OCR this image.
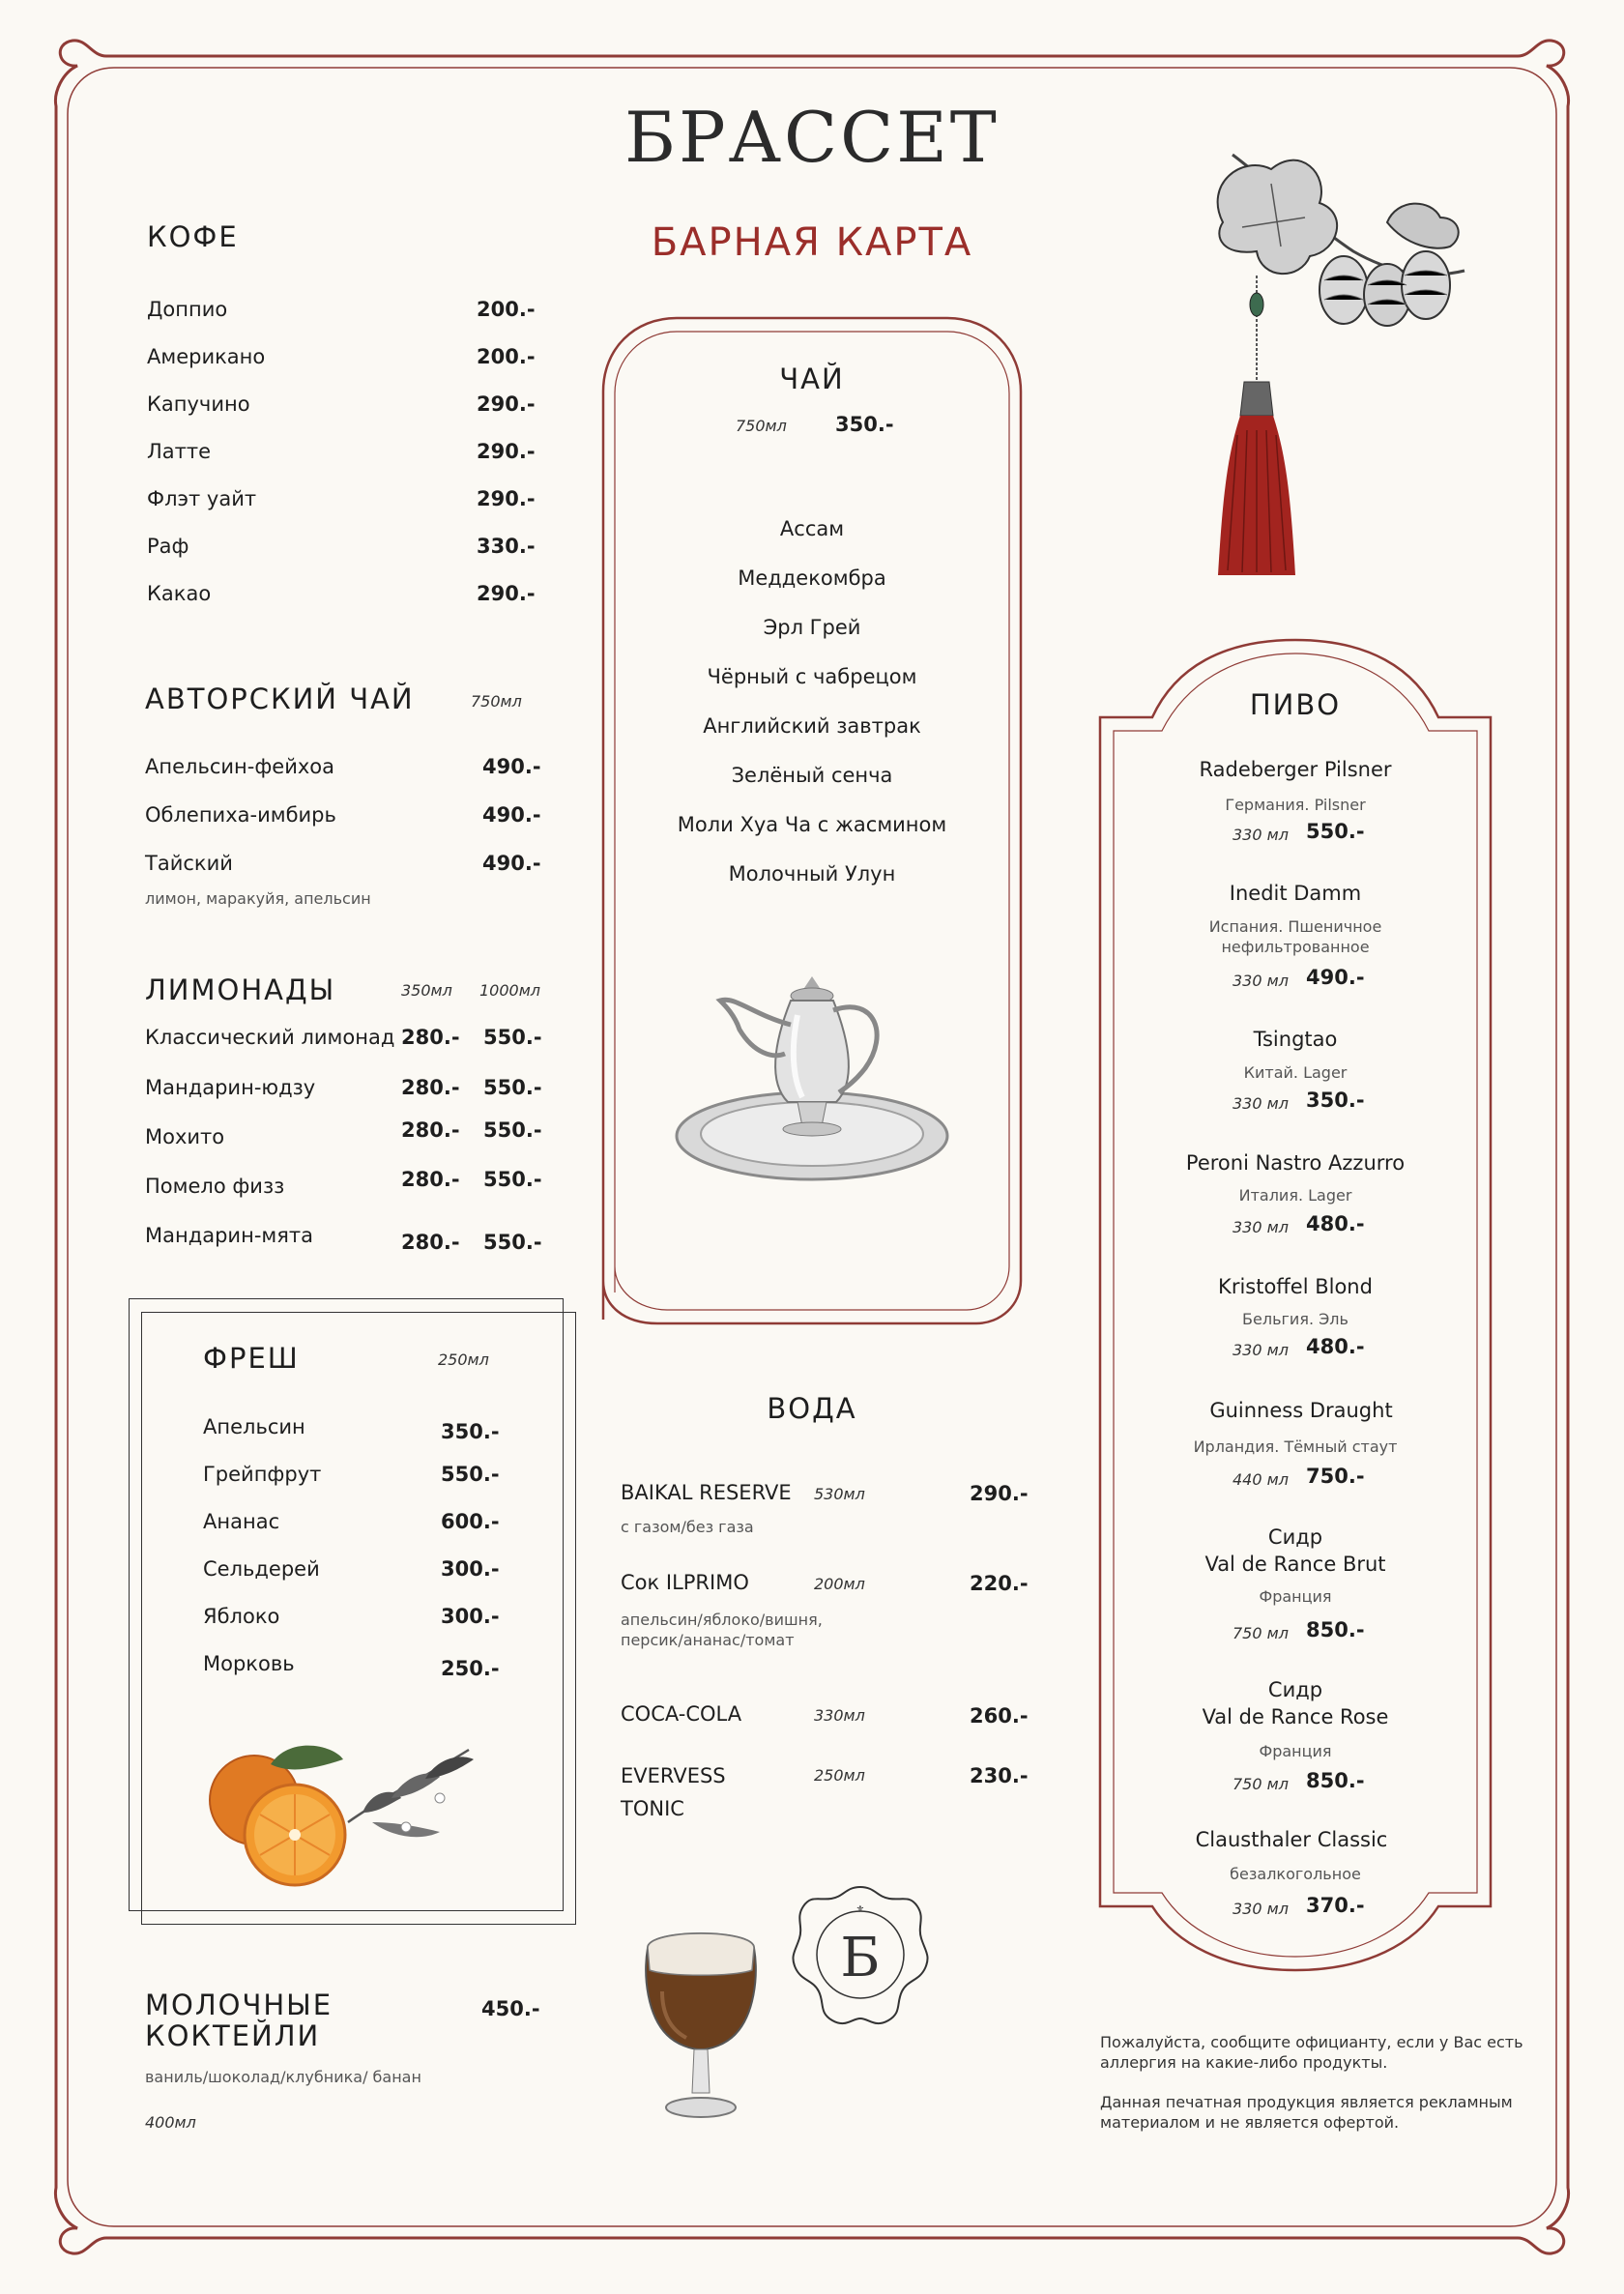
БРАССЕТ
БАРНАЯ КАРТА
КОФЕ
Доппио	200.-
Американо	200.-
Капучино	290.-
Латте	290.-
Флэт уайт	290.-
Раф	330.-
Какао	290.-
АВТОРСКИЙ ЧАЙ	750мл
Апельсин-фейхоа	490.-
Облепиха-имбирь	490.-
Тайский	490.-
лимон, маракуйя, апельсин
ЛИМОНАДЫ	350мл 1000мл
Классический лимонад 280.- 550.-
Мандарин-юдзу	280.- 550.-
Мохито	280.- 550.-
Помело физз	280.- 550.-
Мандарин-мята	280.- 550.-
ФРЕШ	250мл
Апельсин	350.-
Грейпфрут	550.-
Ананас	600.-
Сельдерей	300.-
Яблоко	300.-
Морковь	250.-
МОЛОЧНЫЕ
КОКТЕЙЛИ
450.-
ваниль/шоколад/клубника/ банан
400мл
ЧАЙ
750мл 350.-
Ассам
Меддекомбра
Эрл Грей
Чёрный с чабрецом
Английский завтрак
Зелёный сенча
Моли Хуа Ча с жасмином
Молочный Улун
ВОДА
BAIKAL RESERVE 530мл	290.-
с газом/без газа
Сок ILPRIMO	200мл	220.-
апельсин/яблоко/вишня,
персик/ананас/томат
COCA-COLA	330мл	260.-
EVERVESS
TONIC
250мл	230.-
Б
⚜
ПИВО
Radeberger Pilsner
Германия. Pilsner
330 мл 550.-
Inedit Damm
Испания. Пшеничное
нефильтрованное
330 мл 490.-
Tsingtao
Китай. Lager
330 мл 350.-
Peroni Nastro Azzurro
Италия. Lager
330 мл 480.-
Kristoffel Blond
Бельгия. Эль
330 мл 480.-
Guinness Draught
Ирландия. Тёмный стаут
440 мл 750.-
Сидр
Val de Rance Brut
Франция
750 мл 850.-
Сидр
Val de Rance Rose
Франция
750 мл 850.-
Clausthaler Classic
безалкогольное
330 мл 370.-
Пожалуйста, сообщите официанту, если у Вас есть
аллергия на какие-либо продукты.
Данная печатная продукция является рекламным
материалом и не является офертой.
